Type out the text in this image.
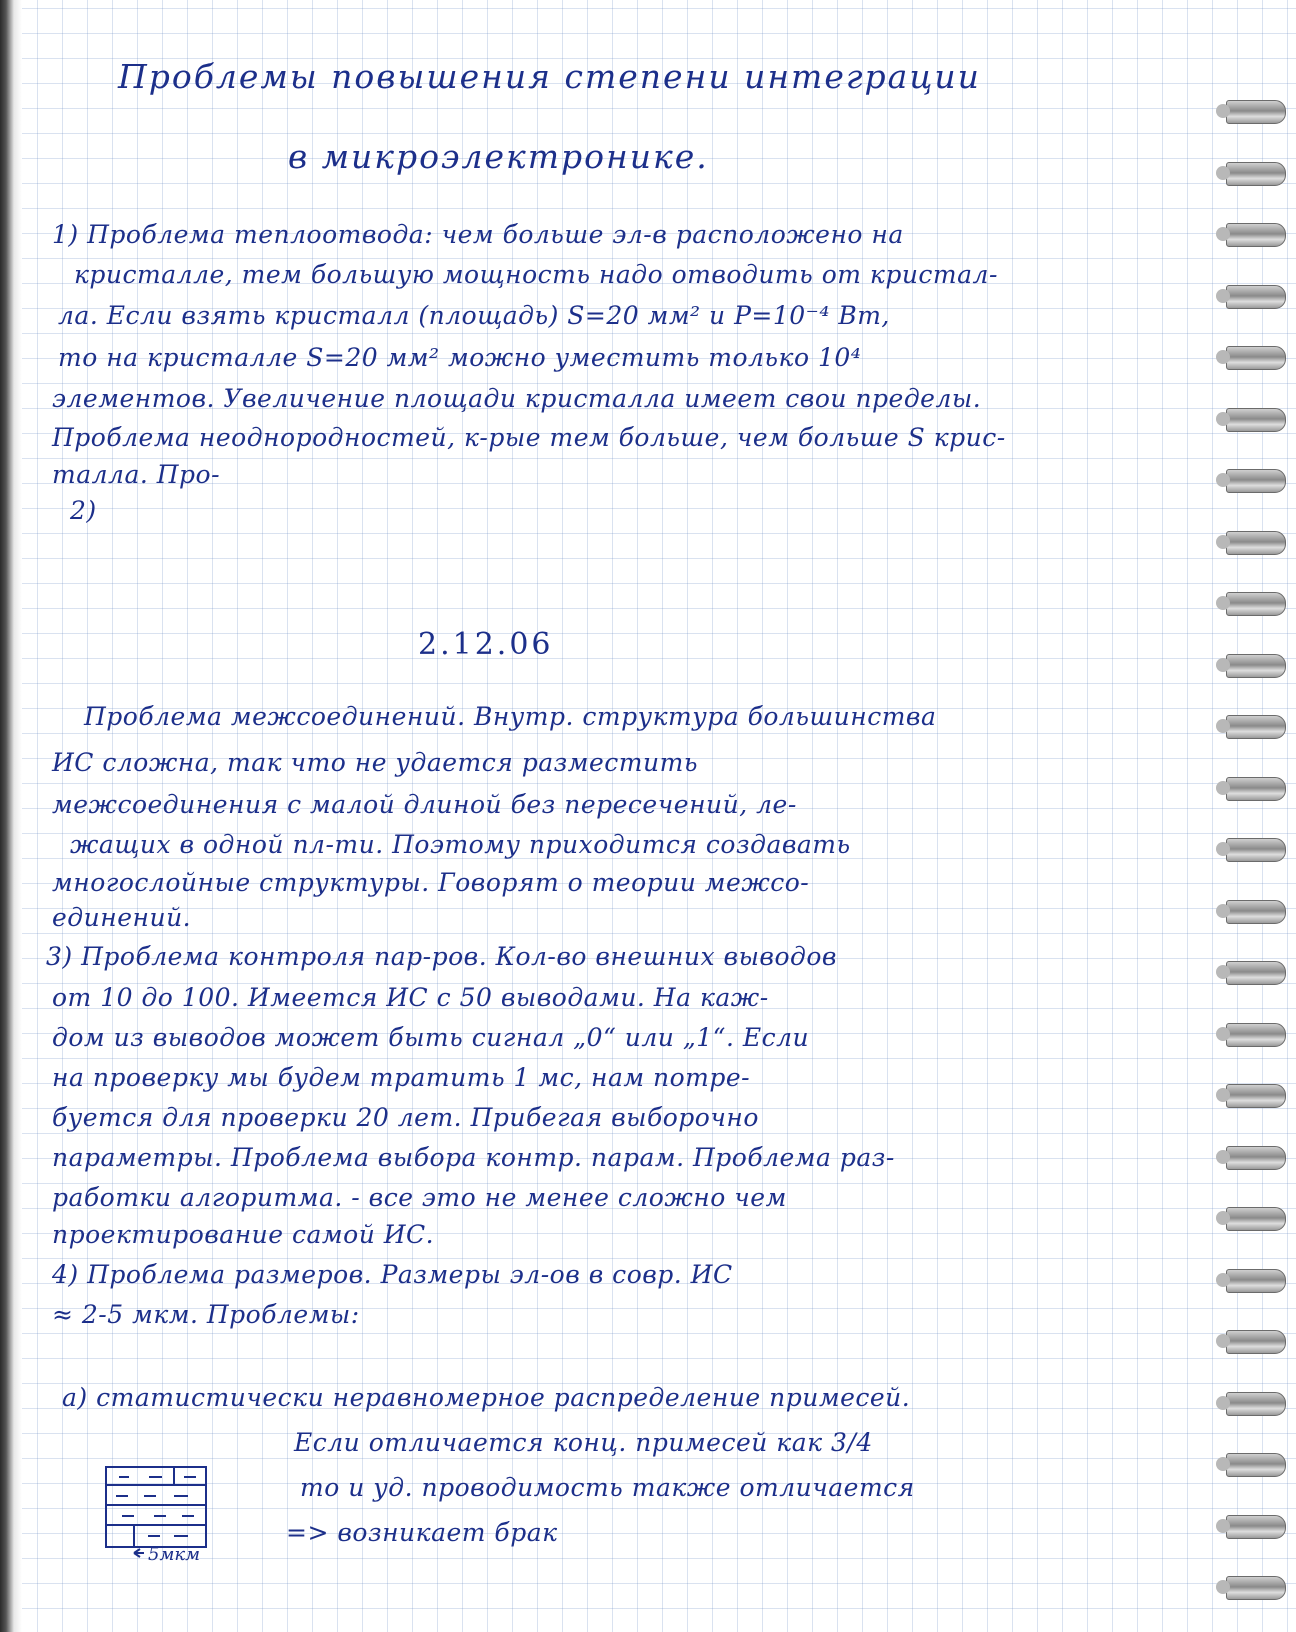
Проблемы повышения степени интеграции
в микроэлектронике.
1) Проблема теплоотвода: чем больше эл-в расположено на
кристалле, тем большую мощность надо отводить от кристал-
ла. Если взять кристалл (площадь) S=20 мм² и P=10⁻⁴ Вт,
то на кристалле S=20 мм² можно уместить только 10⁴
элементов. Увеличение площади кристалла имеет свои пределы.
Проблема неоднородностей, к-рые тем больше, чем больше S крис-
талла. Про-
2)
2.12.06
Проблема межсоединений. Внутр. структура большинства
ИС сложна, так что не удается разместить
межсоединения с малой длиной без пересечений, ле-
жащих в одной пл-ти. Поэтому приходится создавать
многослойные структуры. Говорят о теории межсо-
единений.
3) Проблема контроля пар-ров. Кол-во внешних выводов
от 10 до 100. Имеется ИС с 50 выводами. На каж-
дом из выводов может быть сигнал „0“ или „1“. Если
на проверку мы будем тратить 1 мс, нам потре-
буется для проверки 20 лет. Прибегая выборочно
параметры. Проблема выбора контр. парам. Проблема раз-
работки алгоритма. - все это не менее сложно чем
проектирование самой ИС.
4) Проблема размеров. Размеры эл-ов в совр. ИС
≈ 2-5 мкм. Проблемы:
а) статистически неравномерное распределение примесей.
Если отличается конц. примесей как 3/4
то и уд. проводимость также отличается
=> возникает брак
5мкм
